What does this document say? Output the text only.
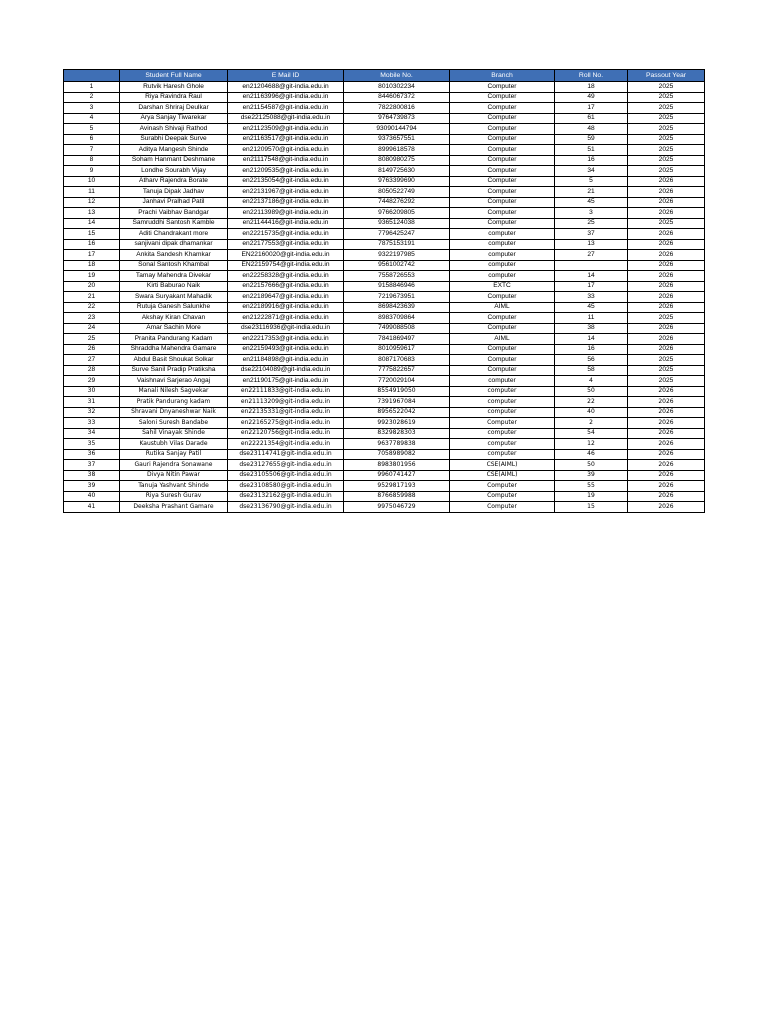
	Student Full Name	E Mail ID	Mobile No.	Branch	Roll No.	Passout Year
1	Rutvik Haresh Ghole	en21204688@git-india.edu.in	8010302234	Computer	18	2025
2	Riya Ravindra Raul	en21163996@git-india.edu.in	8446067372	Computer	49	2025
3	Darshan Shriraj Deulkar	en21154587@git-india.edu.in	7822800816	Computer	17	2025
4	Arya Sanjay Tiwarekar	dse22125088@git-india.edu.in	9764739873	Computer	61	2025
5	Avinash Shivaji Rathod	en21123509@git-india.edu.in	93090144794	Computer	48	2025
6	Surabhi Deepak Surve	en21163517@git-india.edu.in	9373657551	Computer	59	2025
7	Aditya Mangesh Shinde	en21209570@git-india.edu.in	8999618578	Computer	51	2025
8	Soham Hanmant Deshmane	en21117548@git-india.edu.in	8080980275	Computer	16	2025
9	Londhe Sourabh Vijay	en21209535@git-india.edu.in	8149725630	Computer	34	2025
10	Atharv Rajendra Borate	en22135054@git-india.edu.in	9763399690	Computer	5	2026
11	Tanuja Dipak Jadhav	en22131967@git-india.edu.in	8050522749	Computer	21	2026
12	Janhavi Pralhad Patil	en22137186@git-india.edu.in	7448276292	Computer	45	2026
13	Prachi Vaibhav Bandgar	en22113989@git-india.edu.in	9766209805	Computer	3	2026
14	Samruddhi Santosh Kamble	en21144416@git-india.edu.in	9365124038	Computer	25	2025
15	Aditi Chandrakant more	en22215735@git-india.edu.in	7796425247	computer	37	2026
16	sanjivani dipak dhamankar	en22177553@git-india.edu.in	7875153191	computer	13	2026
17	Ankita Sandesh Khamkar	EN22160020@git-india.edu.in	9322197985	computer	27	2026
18	Sonal Santosh Khambal	EN22159754@git-india.edu.in	9561002742	computer		2026
19	Tamay Mahendra Divekar	en22258328@git-india.edu.in	7558726553	computer	14	2026
20	Kirti Baburao Naik	en22157666@git-india.edu.in	9158846946	EXTC	17	2026
21	Swara Suryakant Mahadik	en22189647@git-india.edu.in	7219673951	Computer	33	2026
22	Rutuja Ganesh Salunkhe	en22189916@git-india.edu.in	8698423639	AIML	45	2026
23	Akshay Kiran Chavan	en21222871@git-india.edu.in	8983709864	Computer	11	2025
24	Amar Sachin More	dse23116936@git-india.edu.in	7499088508	Computer	38	2026
25	Pranita Pandurang Kadam	en22217353@git-india.edu.in	7841869497	AIML	14	2026
26	Shraddha Mahendra Gamare	en22159493@git-india.edu.in	8010959617	Computer	16	2026
27	Abdul Basit Shoukat Solkar	en21184898@git-india.edu.in	8087170683	Computer	56	2025
28	Surve Sanil Pradip Pratiksha	dse22104089@git-india.edu.in	7775822657	Computer	58	2025
29	Vaishnavi Sarjerao Angaj	en21190175@git-india.edu.in	7720029104	computer	4	2025
30	Manali Nilesh Sagvekar	en22111833@git-india.edu.in	8554919050	computer	50	2026
31	Pratik Pandurang kadam	en21113209@git-india.edu.in	7391967084	computer	22	2026
32	Shravani Dnyaneshwar Naik	en22135331@git-india.edu.in	8956522042	computer	40	2026
33	Saloni Suresh Bandabe	en22165275@git-india.edu.in	9923028619	Computer	2	2026
34	Sahil Vinayak Shinde	en22120756@git-india.edu.in	8329828303	computer	54	2026
35	Kaustubh Vilas Darade	en22221354@git-india.edu.in	9637789838	computer	12	2026
36	Rutika Sanjay Patil	dse23114741@git-india.edu.in	7058989082	computer	46	2026
37	Gauri Rajendra Sonawane	dse23127655@git-india.edu.in	8983801956	CSE(AIML)	50	2026
38	Divya Nitin Pawar	dse23105506@git-india.edu.in	9960741427	CSE(AIML)	39	2026
39	Tanuja Yashvant Shinde	dse23108580@git-india.edu.in	9529817193	Computer	55	2026
40	Riya Suresh Gurav	dse23132162@git-india.edu.in	8766859988	Computer	19	2026
41	Deeksha Prashant Gamare	dse23136790@git-india.edu.in	9975046729	Computer	15	2026
